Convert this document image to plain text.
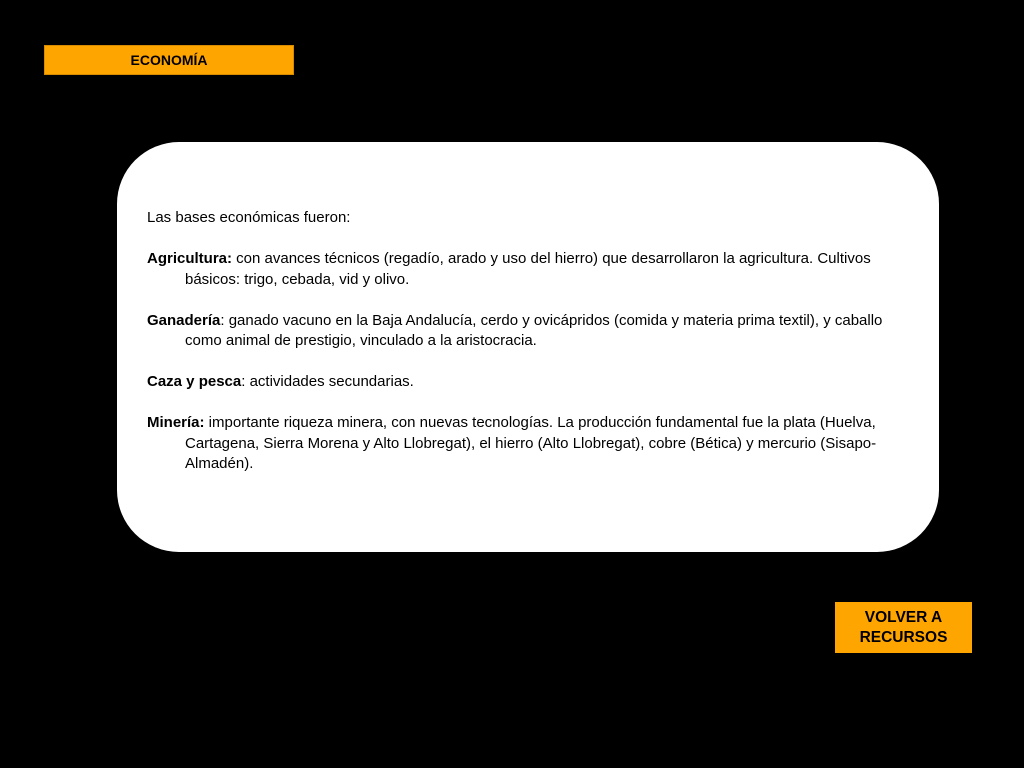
ECONOMÍA

Las bases económicas fueron:

Agricultura: con avances técnicos (regadío, arado y uso del hierro) que desarrollaron la agricultura. Cultivos básicos: trigo, cebada, vid y olivo.

Ganadería: ganado vacuno en la Baja Andalucía, cerdo y ovicápridos (comida y materia prima textil), y caballo como animal de prestigio, vinculado a la aristocracia.

Caza y pesca: actividades secundarias.

Minería: importante riqueza minera, con nuevas tecnologías. La producción fundamental fue la plata (Huelva, Cartagena, Sierra Morena y Alto Llobregat), el hierro (Alto Llobregat), cobre (Bética) y mercurio (Sisapo- Almadén).

VOLVER A
RECURSOS
